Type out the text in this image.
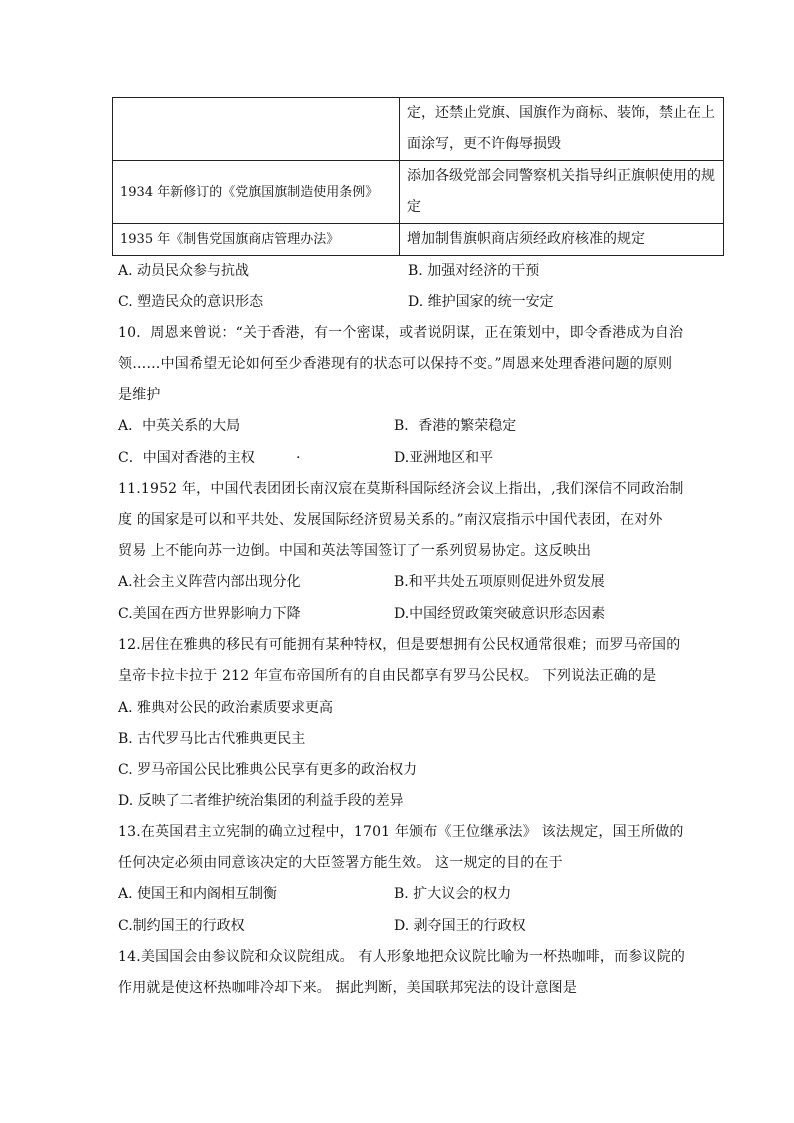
	定，还禁止党旗、国旗作为商标、装饰，禁止在上面涂写，更不许侮辱损毁
1934 年新修订的《党旗国旗制造使用条例》	添加各级党部会同警察机关指导纠正旗帜使用的规定
1935 年《制售党国旗商店管理办法》	增加制售旗帜商店须经政府核准的规定
A. 动员民众参与抗战	B. 加强对经济的干预
C. 塑造民众的意识形态	D. 维护国家的统一安定
10．周恩来曾说：“关于香港，有一个密谋，或者说阴谋，正在策划中，即令香港成为自治
领……中国希望无论如何至少香港现有的状态可以保持不变。”周恩来处理香港问题的原则
是维护
A．中英关系的大局	B．香港的繁荣稳定
C．中国对香港的主权	.	D.亚洲地区和平
11.1952 年，中国代表团团长南汉宸在莫斯科国际经济会议上指出，,我们深信不同政治制
度 的国家是可以和平共处、发展国际经济贸易关系的。”南汉宸指示中国代表团，在对外
贸易 上不能向苏一边倒。中国和英法等国签订了一系列贸易协定。这反映出
A.社会主义阵营内部出现分化	B.和平共处五项原则促进外贸发展
C.美国在西方世界影响力下降	D.中国经贸政策突破意识形态因素
12.居住在雅典的移民有可能拥有某种特权，但是要想拥有公民权通常很难；而罗马帝国的
皇帝卡拉卡拉于 212 年宣布帝国所有的自由民都享有罗马公民权。 下列说法正确的是
A. 雅典对公民的政治素质要求更高
B. 古代罗马比古代雅典更民主
C. 罗马帝国公民比雅典公民享有更多的政治权力
D. 反映了二者维护统治集团的利益手段的差异
13.在英国君主立宪制的确立过程中，1701 年颁布《王位继承法》 该法规定，国王所做的
任何决定必须由同意该决定的大臣签署方能生效。 这一规定的目的在于
A. 使国王和内阁相互制衡	B. 扩大议会的权力
C.制约国王的行政权	D. 剥夺国王的行政权
14.美国国会由参议院和众议院组成。 有人形象地把众议院比喻为一杯热咖啡，而参议院的
作用就是使这杯热咖啡冷却下来。 据此判断，美国联邦宪法的设计意图是
